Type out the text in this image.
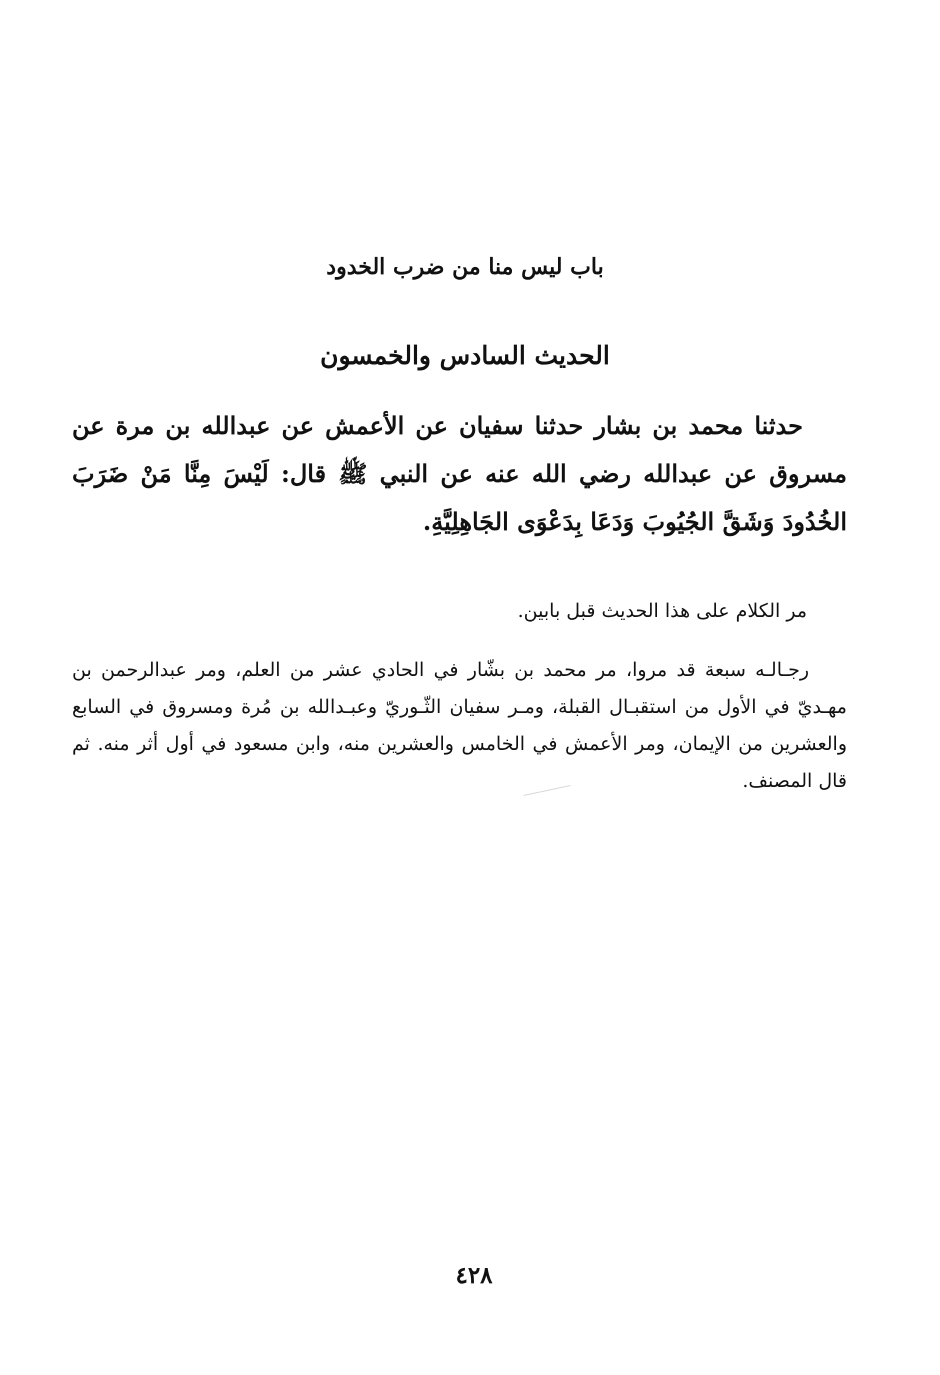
باب ليس منا من ضرب الخدود
الحديث السادس والخمسون

حدثنا محمد بن بشار حدثنا سفيان عن الأعمش عن عبدالله بن مرة عن مسروق عن عبدالله رضي الله عنه عن النبي ﷺ قال: لَيْسَ مِنَّا مَنْ ضَرَبَ الخُدُودَ وَشَقَّ الجُيُوبَ وَدَعَا بِدَعْوَى الجَاهِلِيَّةِ.

مر الكلام على هذا الحديث قبل بابين.

رجـالـه سبعة قد مروا، مر محمد بن بشّار في الحادي عشر من العلم، ومر عبدالرحمن بن مهـديّ في الأول من استقبـال القبلة، ومـر سفيان الثّـوريّ وعبـدالله بن مُرة ومسروق في السابع والعشرين من الإيمان، ومر الأعمش في الخامس والعشرين منه، وابن مسعود في أول أثر منه. ثم قال المصنف.

٤٢٨
